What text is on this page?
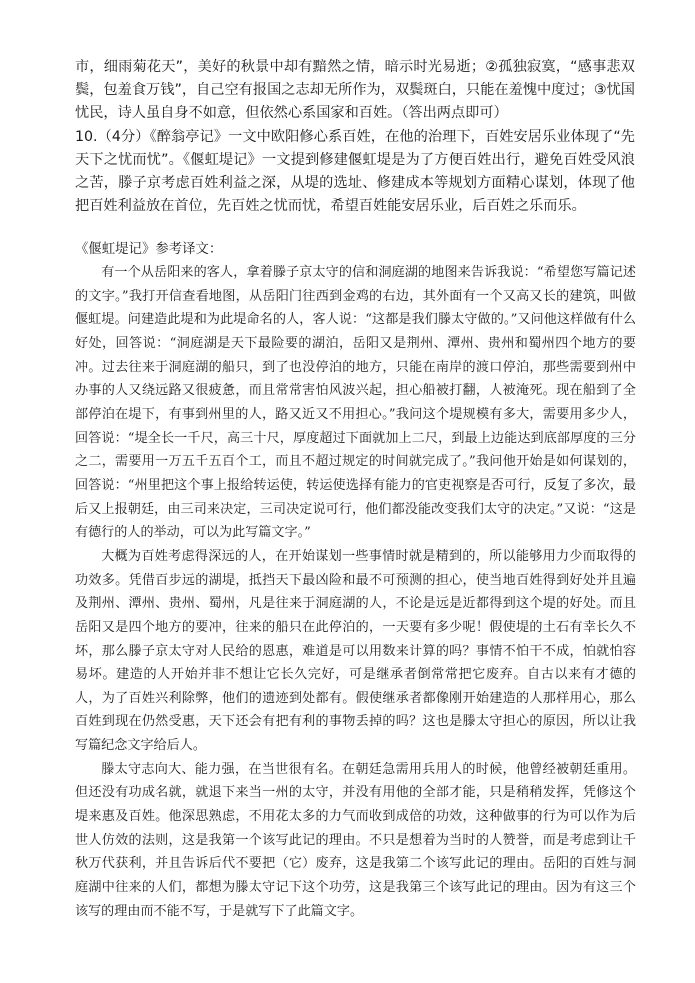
市，细雨菊花天”，美好的秋景中却有黯然之情，暗示时光易逝；②孤独寂寞，“感事悲双鬓，包羞食万钱”，自己空有报国之志却无所作为，双鬓斑白，只能在羞愧中度过；③忧国忧民，诗人虽自身不如意，但依然心系国家和百姓。（答出两点即可）

10.（4分）《醉翁亭记》一文中欧阳修心系百姓，在他的治理下，百姓安居乐业体现了“先天下之忧而忧”。《偃虹堤记》一文提到修建偃虹堤是为了方便百姓出行，避免百姓受风浪之苦，滕子京考虑百姓利益之深，从堤的选址、修建成本等规划方面精心谋划，体现了他把百姓利益放在首位，先百姓之忧而忧，希望百姓能安居乐业，后百姓之乐而乐。

《偃虹堤记》参考译文：

有一个从岳阳来的客人，拿着滕子京太守的信和洞庭湖的地图来告诉我说：“希望您写篇记述的文字。”我打开信查看地图，从岳阳门往西到金鸡的右边，其外面有一个又高又长的建筑，叫做偃虹堤。问建造此堤和为此堤命名的人，客人说：“这都是我们滕太守做的。”又问他这样做有什么好处，回答说：“洞庭湖是天下最险要的湖泊，岳阳又是荆州、潭州、贵州和蜀州四个地方的要冲。过去往来于洞庭湖的船只，到了也没停泊的地方，只能在南岸的渡口停泊，那些需要到州中办事的人又绕远路又很疲惫，而且常常害怕风波兴起，担心船被打翻，人被淹死。现在船到了全部停泊在堤下，有事到州里的人，路又近又不用担心。”我问这个堤规模有多大，需要用多少人，回答说：“堤全长一千尺，高三十尺，厚度超过下面就加上二尺，到最上边能达到底部厚度的三分之二，需要用一万五千五百个工，而且不超过规定的时间就完成了。”我问他开始是如何谋划的，回答说：“州里把这个事上报给转运使，转运使选择有能力的官吏视察是否可行，反复了多次，最后又上报朝廷，由三司来决定，三司决定说可行，他们都没能改变我们太守的决定。”又说：“这是有德行的人的举动，可以为此写篇文字。”

大概为百姓考虑得深远的人，在开始谋划一些事情时就是精到的，所以能够用力少而取得的功效多。凭借百步远的湖堤，抵挡天下最凶险和最不可预测的担心，使当地百姓得到好处并且遍及荆州、潭州、贵州、蜀州，凡是往来于洞庭湖的人，不论是远是近都得到这个堤的好处。而且岳阳又是四个地方的要冲，往来的船只在此停泊的，一天要有多少呢！假使堤的土石有幸长久不坏，那么滕子京太守对人民给的恩惠，难道是可以用数来计算的吗？事情不怕干不成，怕就怕容易坏。建造的人开始并非不想让它长久完好，可是继承者倒常常把它废弃。自古以来有才德的人，为了百姓兴利除弊，他们的遗迹到处都有。假使继承者都像刚开始建造的人那样用心，那么百姓到现在仍然受惠，天下还会有把有利的事物丢掉的吗？这也是滕太守担心的原因，所以让我写篇纪念文字给后人。

滕太守志向大、能力强，在当世很有名。在朝廷急需用兵用人的时候，他曾经被朝廷重用。但还没有功成名就，就退下来当一州的太守，并没有用他的全部才能，只是稍稍发挥，凭修这个堤来惠及百姓。他深思熟虑，不用花太多的力气而收到成倍的功效，这种做事的行为可以作为后世人仿效的法则，这是我第一个该写此记的理由。不只是想着为当时的人赞誉，而是考虑到让千秋万代获利，并且告诉后代不要把（它）废弃，这是我第二个该写此记的理由。岳阳的百姓与洞庭湖中往来的人们，都想为滕太守记下这个功劳，这是我第三个该写此记的理由。因为有这三个该写的理由而不能不写，于是就写下了此篇文字。
